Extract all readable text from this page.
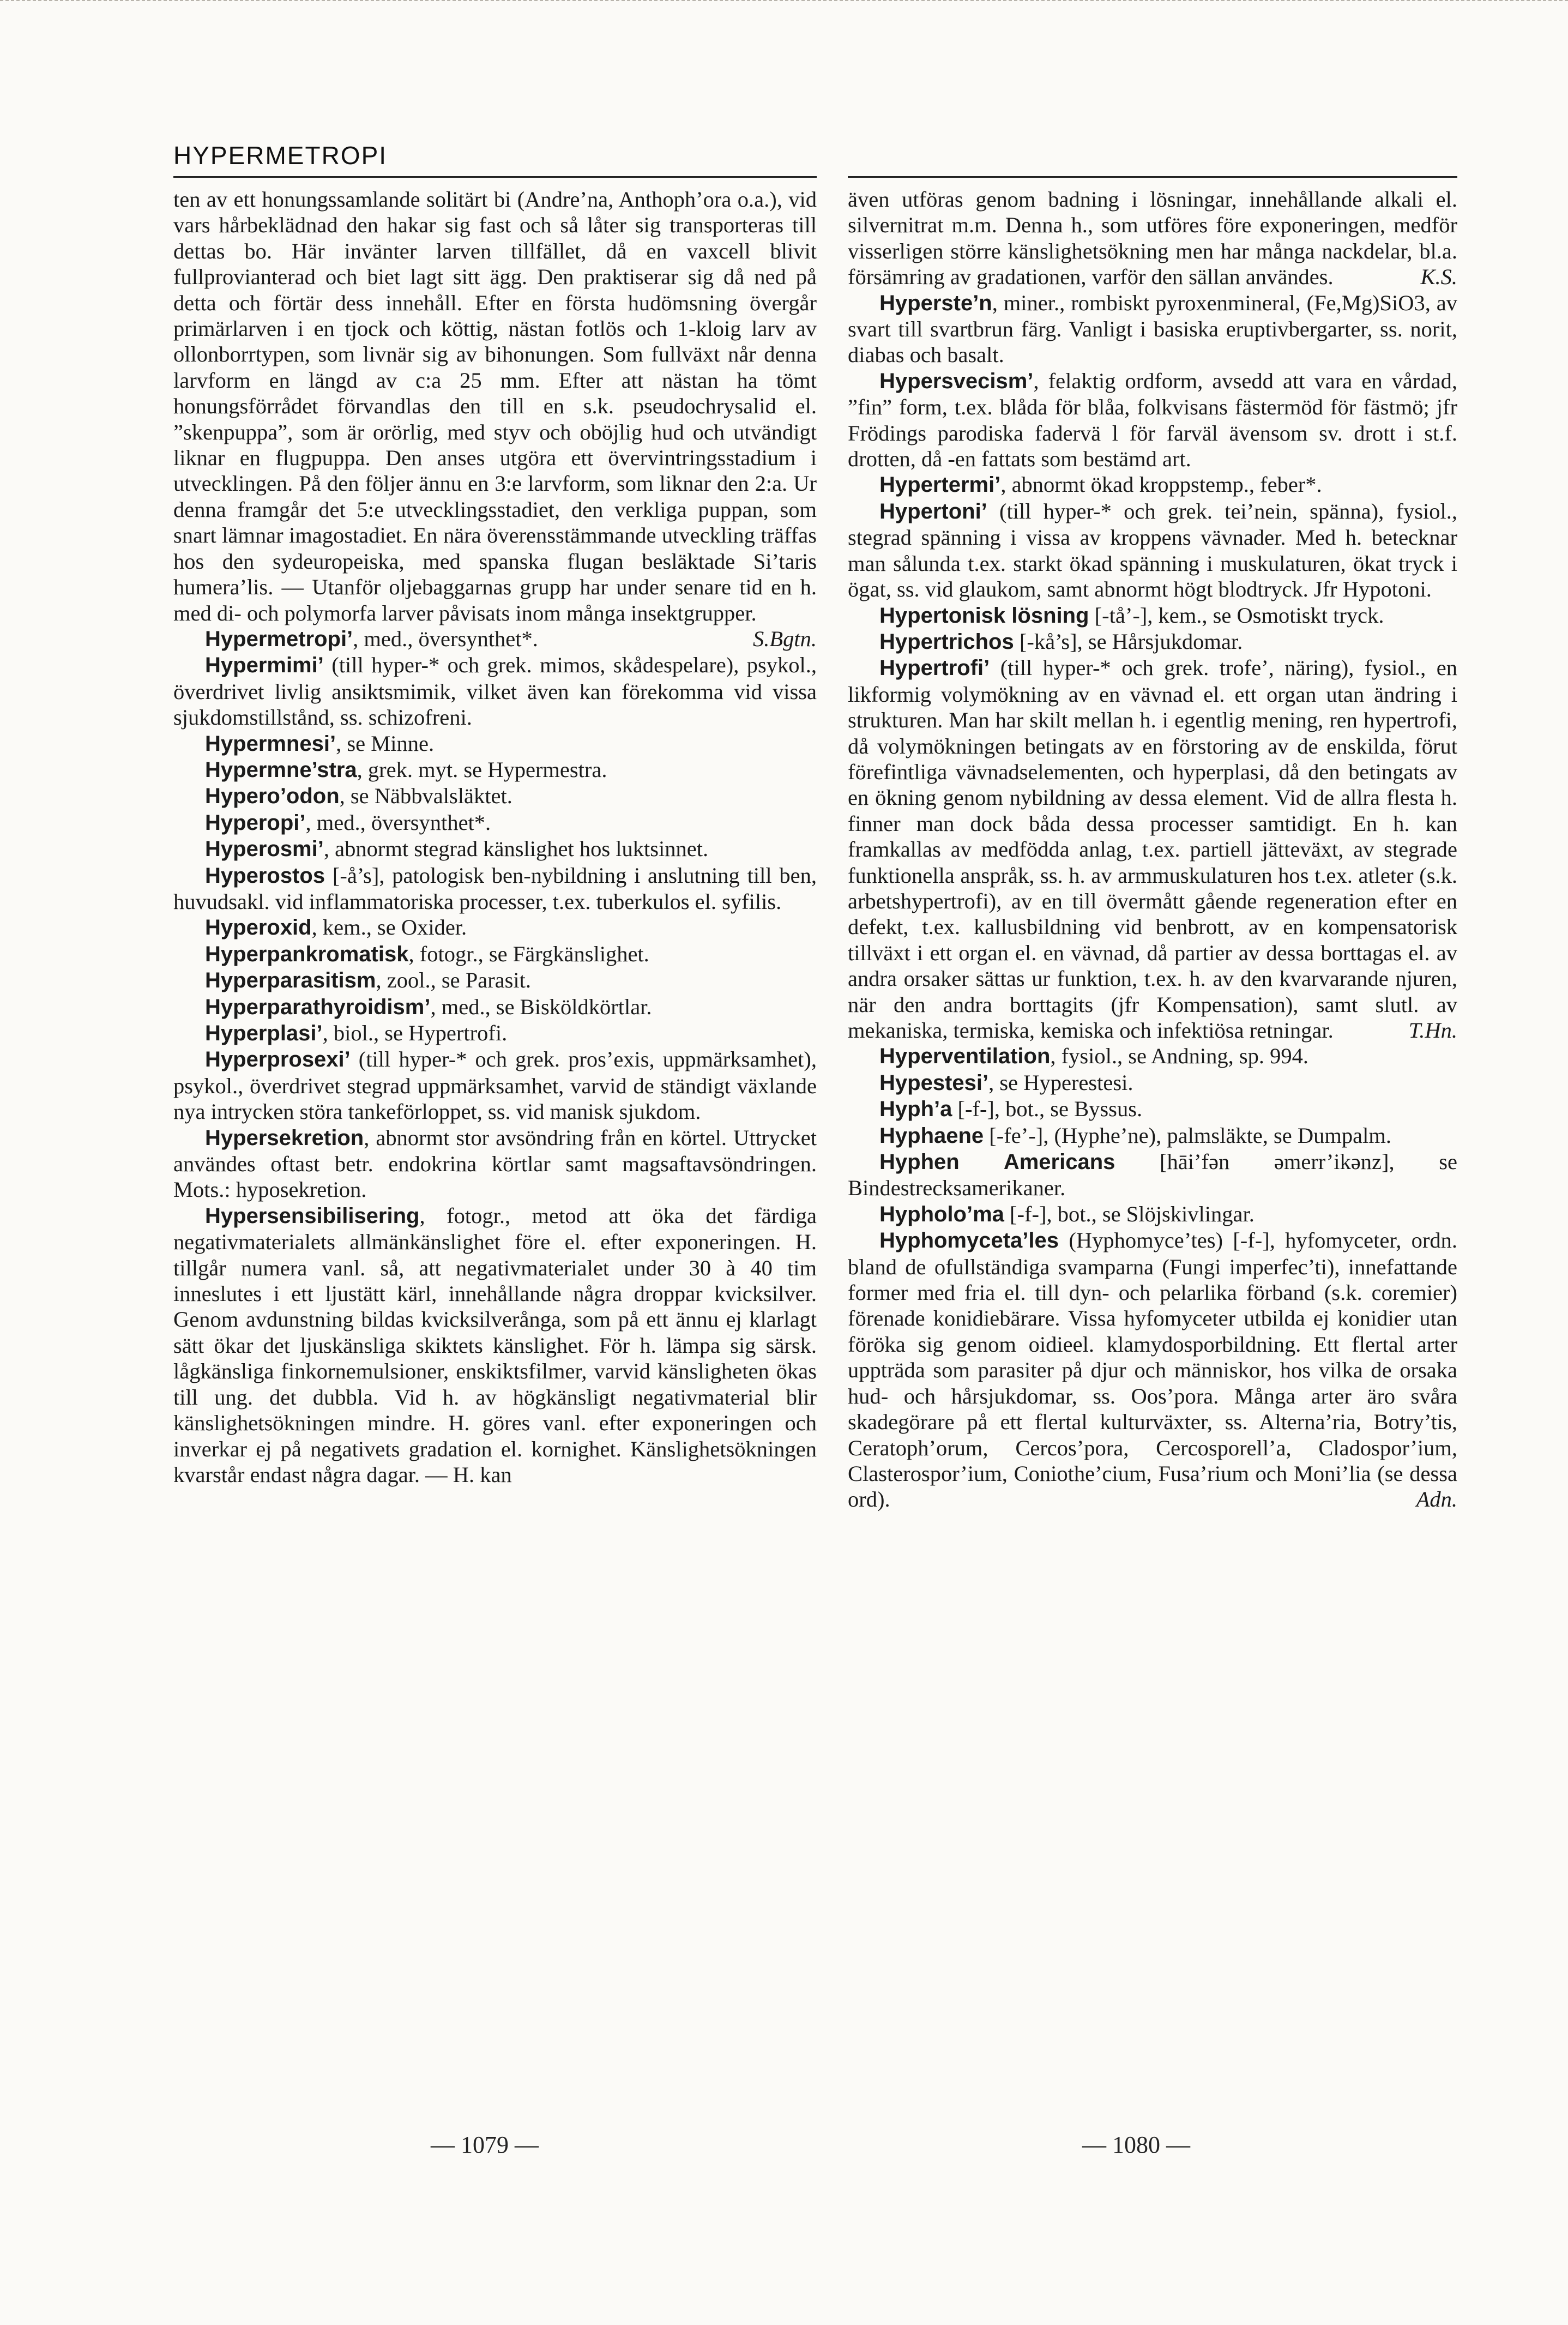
HYPERMETROPI

ten av ett honungssamlande solitärt bi (Andre’na, Anthoph’ora o.a.), vid vars hårbeklädnad den hakar sig fast och så låter sig transporteras till dettas bo. Här invänter larven tillfället, då en vaxcell blivit fullprovianterad och biet lagt sitt ägg. Den praktiserar sig då ned på detta och förtär dess innehåll. Efter en första hudömsning övergår primärlarven i en tjock och köttig, nästan fotlös och 1-kloig larv av ollonborrtypen, som livnär sig av bihonungen. Som fullväxt når denna larvform en längd av c:a 25 mm. Efter att nästan ha tömt honungsförrådet förvandlas den till en s.k. pseudochrysalid el. ”skenpuppa”, som är orörlig, med styv och oböjlig hud och utvändigt liknar en flugpuppa. Den anses utgöra ett övervintringsstadium i utvecklingen. På den följer ännu en 3:e larvform, som liknar den 2:a. Ur denna framgår det 5:e utvecklingsstadiet, den verkliga puppan, som snart lämnar imagostadiet. En nära överensstämmande utveckling träffas hos den sydeuropeiska, med spanska flugan besläktade Si’taris humera’lis. — Utanför oljebaggarnas grupp har under senare tid en h. med di- och polymorfa larver påvisats inom många insektgrupper.
S.Bgtn.

Hypermetropi’, med., översynthet*.

Hypermimi’ (till hyper-* och grek. mimos, skådespelare), psykol., överdrivet livlig ansiktsmimik, vilket även kan förekomma vid vissa sjukdomstillstånd, ss. schizofreni.

Hypermnesi’, se Minne.

Hypermne’stra, grek. myt. se Hypermestra.

Hypero’odon, se Näbbvalsläktet.

Hyperopi’, med., översynthet*.

Hyperosmi’, abnormt stegrad känslighet hos luktsinnet.

Hyperostos [-å’s], patologisk ben-nybildning i anslutning till ben, huvudsakl. vid inflammatoriska processer, t.ex. tuberkulos el. syfilis.

Hyperoxid, kem., se Oxider.

Hyperpankromatisk, fotogr., se Färgkänslighet.

Hyperparasitism, zool., se Parasit.

Hyperparathyroidism’, med., se Bisköldkörtlar.

Hyperplasi’, biol., se Hypertrofi.

Hyperprosexi’ (till hyper-* och grek. pros’exis, uppmärksamhet), psykol., överdrivet stegrad uppmärksamhet, varvid de ständigt växlande nya intrycken störa tankeförloppet, ss. vid manisk sjukdom.

Hypersekretion, abnormt stor avsöndring från en körtel. Uttrycket användes oftast betr. endokrina körtlar samt magsaftavsöndringen. Mots.: hyposekretion.

Hypersensibilisering, fotogr., metod att öka det färdiga negativmaterialets allmänkänslighet före el. efter exponeringen. H. tillgår numera vanl. så, att negativmaterialet under 30 à 40 tim inneslutes i ett ljustätt kärl, innehållande några droppar kvicksilver. Genom avdunstning bildas kvicksilverånga, som på ett ännu ej klarlagt sätt ökar det ljuskänsliga skiktets känslighet. För h. lämpa sig särsk. lågkänsliga finkornemulsioner, enskiktsfilmer, varvid känsligheten ökas till ung. det dubbla. Vid h. av högkänsligt negativmaterial blir känslighetsökningen mindre. H. göres vanl. efter exponeringen och inverkar ej på negativets gradation el. kornighet. Känslighetsökningen kvarstår endast några dagar. — H. kan

även utföras genom badning i lösningar, innehållande alkali el. silvernitrat m.m. Denna h., som utföres före exponeringen, medför visserligen större känslighetsökning men har många nackdelar, bl.a. försämring av gradationen, varför den sällan användes.	K.S.

Hyperste’n, miner., rombiskt pyroxenmineral, (Fe,Mg)SiO3, av svart till svartbrun färg. Vanligt i basiska eruptivbergarter, ss. norit, diabas och basalt.

Hypersvecism’, felaktig ordform, avsedd att vara en vårdad, ”fin” form, t.ex. blåda för blåa, folkvisans fästermöd för fästmö; jfr Frödings parodiska fadervä l för farväl ävensom sv. drott i st.f. drotten, då -en fattats som bestämd art.

Hypertermi’, abnormt ökad kroppstemp., feber*.

Hypertoni’ (till hyper-* och grek. tei’nein, spänna), fysiol., stegrad spänning i vissa av kroppens vävnader. Med h. betecknar man sålunda t.ex. starkt ökad spänning i muskulaturen, ökat tryck i ögat, ss. vid glaukom, samt abnormt högt blodtryck. Jfr Hypotoni.

Hypertonisk lösning [-tå’-], kem., se Osmotiskt tryck.

Hypertrichos [-kå’s], se Hårsjukdomar.

Hypertrofi’ (till hyper-* och grek. trofe’, näring), fysiol., en likformig volymökning av en vävnad el. ett organ utan ändring i strukturen. Man har skilt mellan h. i egentlig mening, ren hypertrofi, då volymökningen betingats av en förstoring av de enskilda, förut förefintliga vävnadselementen, och hyperplasi, då den betingats av en ökning genom nybildning av dessa element. Vid de allra flesta h. finner man dock båda dessa processer samtidigt. En h. kan framkallas av medfödda anlag, t.ex. partiell jätteväxt, av stegrade funktionella anspråk, ss. h. av armmuskulaturen hos t.ex. atleter (s.k. arbetshypertrofi), av en till övermått gående regeneration efter en defekt, t.ex. kallusbildning vid benbrott, av en kompensatorisk tillväxt i ett organ el. en vävnad, då partier av dessa borttagas el. av andra orsaker sättas ur funktion, t.ex. h. av den kvarvarande njuren, när den andra borttagits (jfr Kompensation), samt slutl. av mekaniska, termiska, kemiska och infektiösa retningar.	T.Hn.

Hyperventilation, fysiol., se Andning, sp. 994.

Hypestesi’, se Hyperestesi.

Hyph’a [-f-], bot., se Byssus.

Hyphaene [-fe’-], (Hyphe’ne), palmsläkte, se Dumpalm.

Hyphen Americans [hāi’fən əmerr’ikənz], se Bindestrecksamerikaner.

Hypholo’ma [-f-], bot., se Slöjskivlingar.

Hyphomyceta’les (Hyphomyce’tes) [-f-], hyfomyceter, ordn. bland de ofullständiga svamparna (Fungi imperfec’ti), innefattande former med fria el. till dyn- och pelarlika förband (s.k. coremier) förenade konidiebärare. Vissa hyfomyceter utbilda ej konidier utan föröka sig genom oidieel. klamydosporbildning. Ett flertal arter uppträda som parasiter på djur och människor, hos vilka de orsaka hud- och hårsjukdomar, ss. Oos’pora. Många arter äro svåra skadegörare på ett flertal kulturväxter, ss. Alterna’ria, Botry’tis, Ceratoph’orum, Cercos’pora, Cercosporell’a, Cladospor’ium, Clasterospor’ium, Coniothe’cium, Fusa’rium och Moni’lia (se dessa ord).	Adn.

— 1079 —	— 1080 —
